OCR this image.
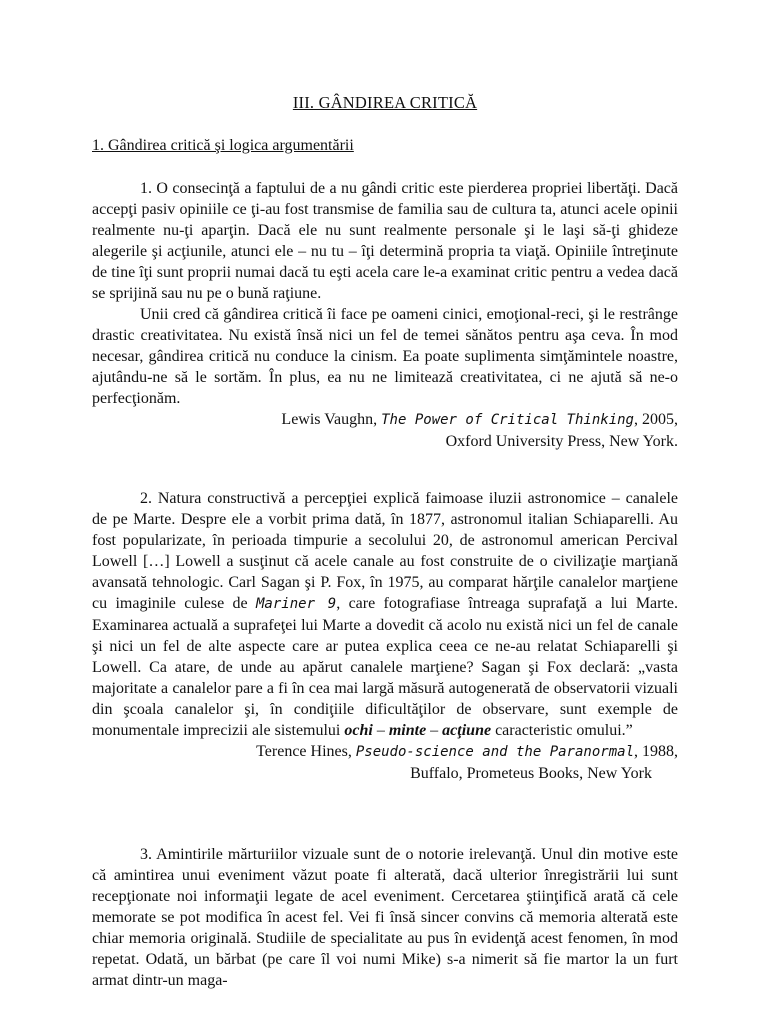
III. GÂNDIREA CRITICĂ
1. Gândirea critică şi logica argumentării

1. O consecinţă a faptului de a nu gândi critic este pierderea propriei libertăţi. Dacă accepţi pasiv opiniile ce ţi-au fost transmise de familia sau de cultura ta, atunci acele opinii realmente nu-ţi aparţin. Dacă ele nu sunt realmente personale şi le laşi să-ţi ghideze alegerile şi acţiunile, atunci ele – nu tu – îţi determină propria ta viaţă. Opiniile întreţinute de tine îţi sunt proprii numai dacă tu eşti acela care le-a examinat critic pentru a vedea dacă se sprijină sau nu pe o bună raţiune.

Unii cred că gândirea critică îi face pe oameni cinici, emoţional-reci, şi le restrânge drastic creativitatea. Nu există însă nici un fel de temei sănătos pentru aşa ceva. În mod necesar, gândirea critică nu conduce la cinism. Ea poate suplimenta simţămintele noastre, ajutându-ne să le sortăm. În plus, ea nu ne limitează creativitatea, ci ne ajută să ne-o perfecţionăm.

Lewis Vaughn, The Power of Critical Thinking, 2005,
Oxford University Press, New York.

2. Natura constructivă a percepţiei explică faimoase iluzii astronomice – canalele de pe Marte. Despre ele a vorbit prima dată, în 1877, astronomul italian Schiaparelli. Au fost popularizate, în perioada timpurie a secolului 20, de astronomul american Percival Lowell […] Lowell a susţinut că acele canale au fost construite de o civilizaţie marţiană avansată tehnologic. Carl Sagan şi P. Fox, în 1975, au comparat hărţile canalelor marţiene cu imaginile culese de Mariner 9, care fotografiase întreaga suprafaţă a lui Marte. Examinarea actuală a suprafeţei lui Marte a dovedit că acolo nu există nici un fel de canale şi nici un fel de alte aspecte care ar putea explica ceea ce ne-au relatat Schiaparelli şi Lowell. Ca atare, de unde au apărut canalele marţiene? Sagan şi Fox declară: „vasta majoritate a canalelor pare a fi în cea mai largă măsură autogenerată de observatorii vizuali din şcoala canalelor şi, în condiţiile dificultăţilor de observare, sunt exemple de monumentale imprecizii ale sistemului ochi – minte – acţiune caracteristic omului.”

Terence Hines, Pseudo-science and the Paranormal, 1988,
Buffalo, Prometeus Books, New York

3. Amintirile mărturiilor vizuale sunt de o notorie irelevanţă. Unul din motive este că amintirea unui eveniment văzut poate fi alterată, dacă ulterior înregistrării lui sunt recepţionate noi informaţii legate de acel eveniment. Cercetarea ştiinţifică arată că cele memorate se pot modifica în acest fel. Vei fi însă sincer convins că memoria alterată este chiar memoria originală. Studiile de specialitate au pus în evidenţă acest fenomen, în mod repetat. Odată, un bărbat (pe care îl voi numi Mike) s-a nimerit să fie martor la un furt armat dintr-un maga-
